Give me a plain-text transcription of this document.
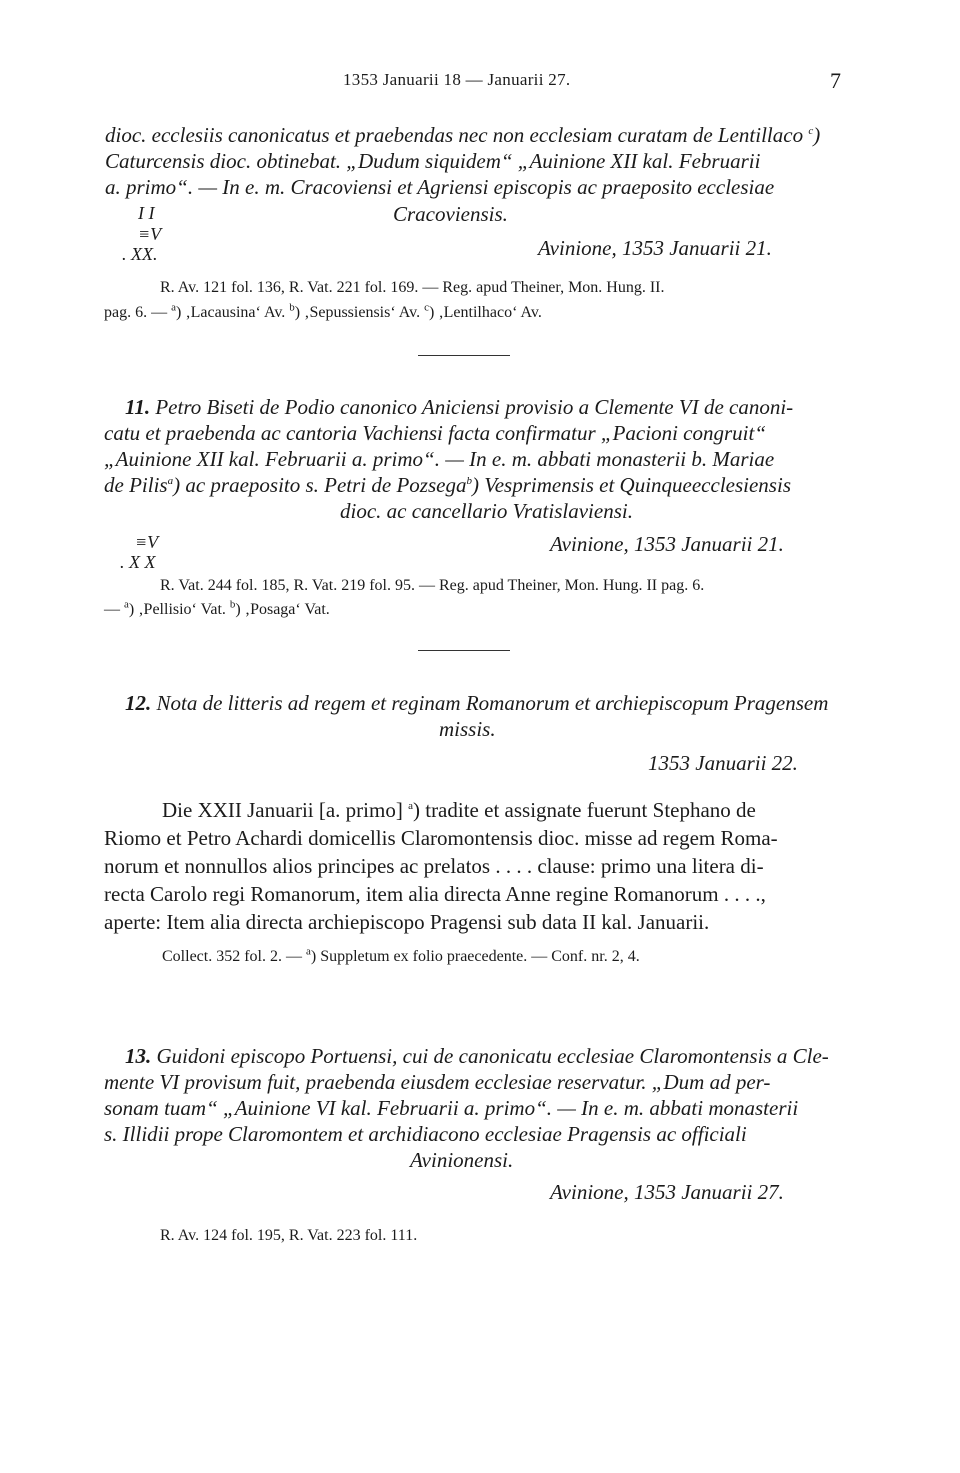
1353 Januarii 18 — Januarii 27.	7
dioc. ecclesiis canonicatus et praebendas nec non ecclesiam curatam de Lentillaco $^c$)
Caturcensis dioc. obtinebat. „Dudum siquidem“ „Auinione XII kal. Februarii
a. primo“. — In e. m. Cracoviensi et Agriensi episcopis ac praeposito ecclesiae
Cracoviensis.
I I
≡V
. XX.	Avinione, 1353 Januarii 21.
R. Av. 121 fol. 136, R. Vat. 221 fol. 169. — Reg. apud Theiner, Mon. Hung. II.
pag. 6. — $^a$) ‚Lacausina‘ Av. $^b$) ‚Sepussiensis‘ Av. $^c$) ‚Lentilhaco‘ Av.
11. Petro Biseti de Podio canonico Aniciensi provisio a Clemente VI de canoni-
catu et praebenda ac cantoria Vachiensi facta confirmatur „Pacioni congruit“
„Auinione XII kal. Februarii a. primo“. — In e. m. abbati monasterii b. Mariae
de Pilis$^a$) ac praeposito s. Petri de Pozsega$^b$) Vesprimensis et Quinqueecclesiensis
dioc. ac cancellario Vratislaviensi.
≡V
. X X
Avinione, 1353 Januarii 21.
R. Vat. 244 fol. 185, R. Vat. 219 fol. 95. — Reg. apud Theiner, Mon. Hung. II pag. 6.
— $^a$) ‚Pellisio‘ Vat. $^b$) ‚Posaga‘ Vat.
12. Nota de litteris ad regem et reginam Romanorum et archiepiscopum Pragensem
missis.
1353 Januarii 22.
Die XXII Januarii [a. primo] $^a$) tradite et assignate fuerunt Stephano de
Riomo et Petro Achardi domicellis Claromontensis dioc. misse ad regem Roma-
norum et nonnullos alios principes ac prelatos . . . . clause: primo una litera di-
recta Carolo regi Romanorum, item alia directa Anne regine Romanorum . . . .,
aperte: Item alia directa archiepiscopo Pragensi sub data II kal. Januarii.
Collect. 352 fol. 2. — $^a$) Suppletum ex folio praecedente. — Conf. nr. 2, 4.
13. Guidoni episcopo Portuensi, cui de canonicatu ecclesiae Claromontensis a Cle-
mente VI provisum fuit, praebenda eiusdem ecclesiae reservatur. „Dum ad per-
sonam tuam“ „Auinione VI kal. Februarii a. primo“. — In e. m. abbati monasterii
s. Illidii prope Claromontem et archidiacono ecclesiae Pragensis ac officiali
Avinionensi.
Avinione, 1353 Januarii 27.
R. Av. 124 fol. 195, R. Vat. 223 fol. 111.
